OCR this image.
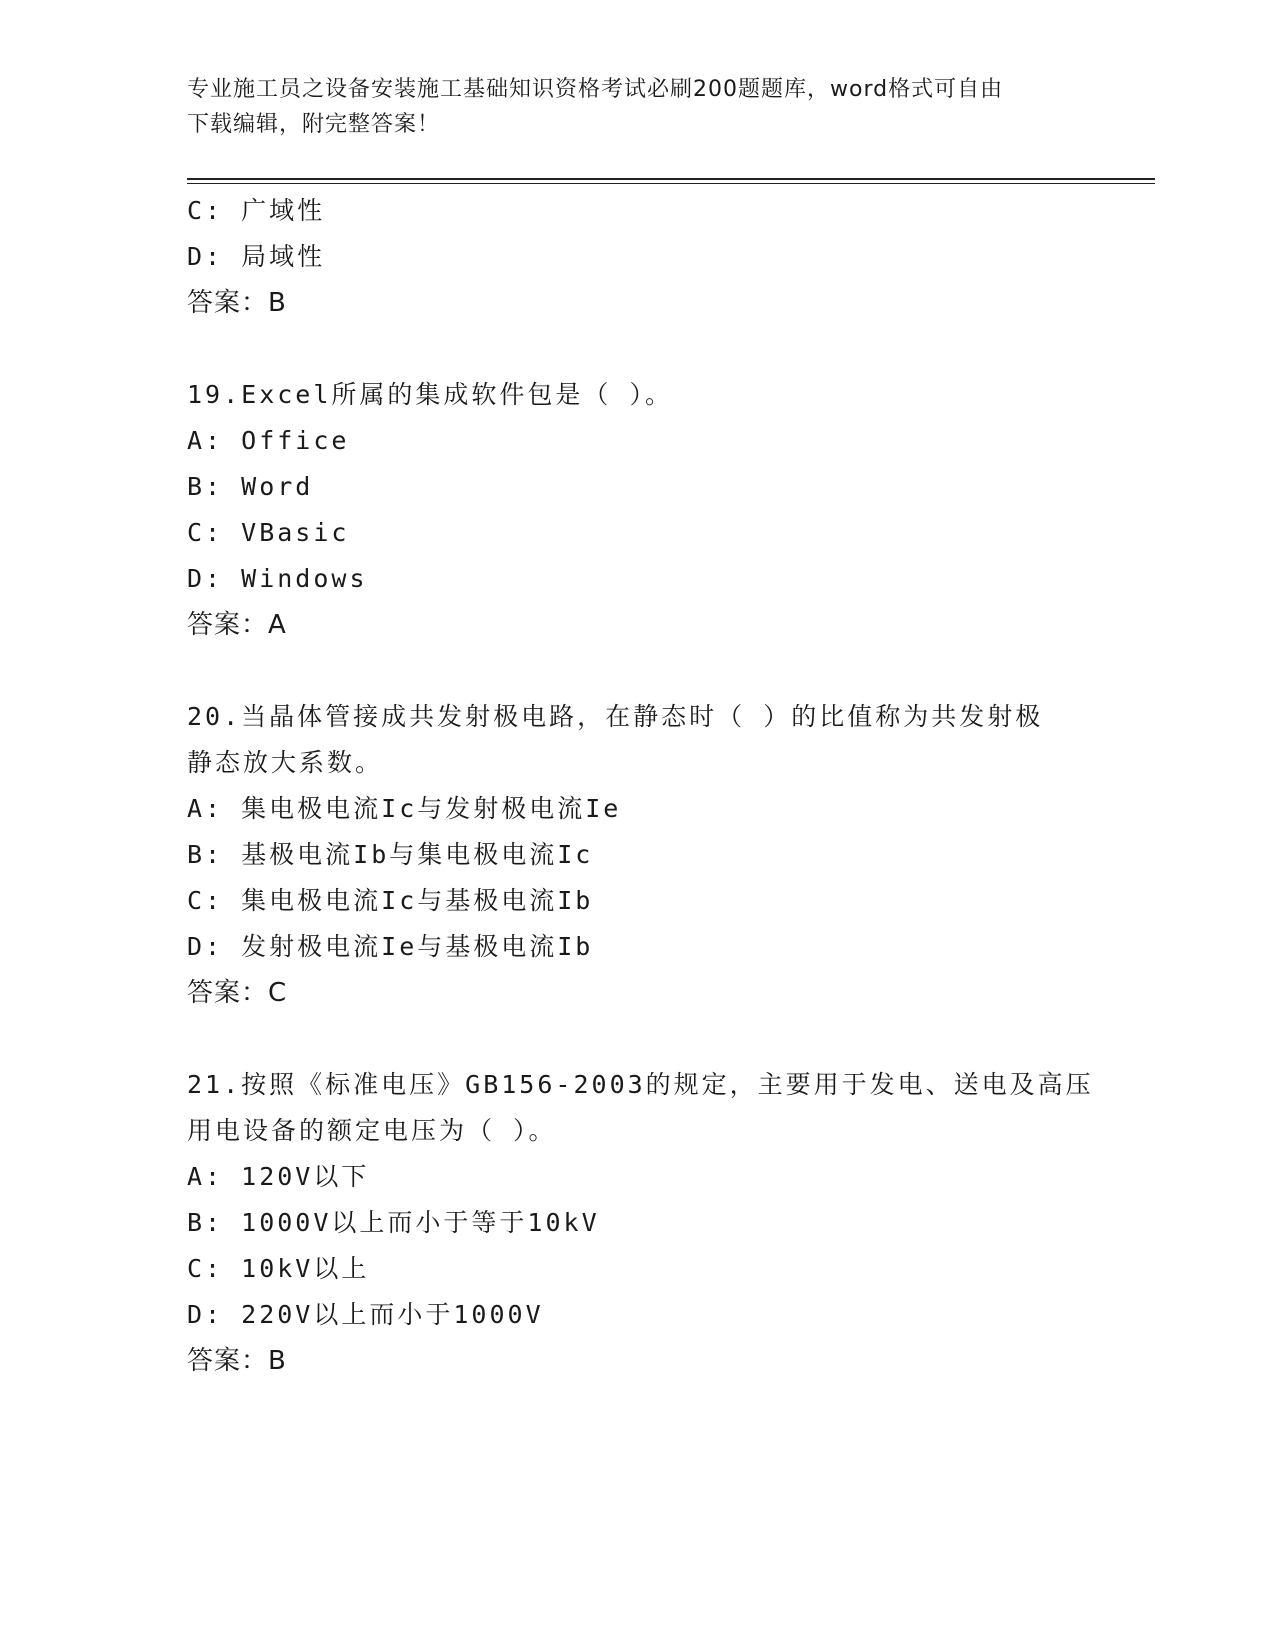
专业施工员之设备安装施工基础知识资格考试必刷200题题库，word格式可自由
下载编辑，附完整答案！
C: 广域性
D: 局域性
答案：B
19.Excel所属的集成软件包是（ ）。
A: Office
B: Word
C: VBasic
D: Windows
答案：A
20.当晶体管接成共发射极电路，在静态时（ ）的比值称为共发射极
静态放大系数。
A: 集电极电流Ic与发射极电流Ie
B: 基极电流Ib与集电极电流Ic
C: 集电极电流Ic与基极电流Ib
D: 发射极电流Ie与基极电流Ib
答案：C
21.按照《标准电压》GB156-2003的规定，主要用于发电、送电及高压
用电设备的额定电压为（ ）。
A: 120V以下
B: 1000V以上而小于等于10kV
C: 10kV以上
D: 220V以上而小于1000V
答案：B
